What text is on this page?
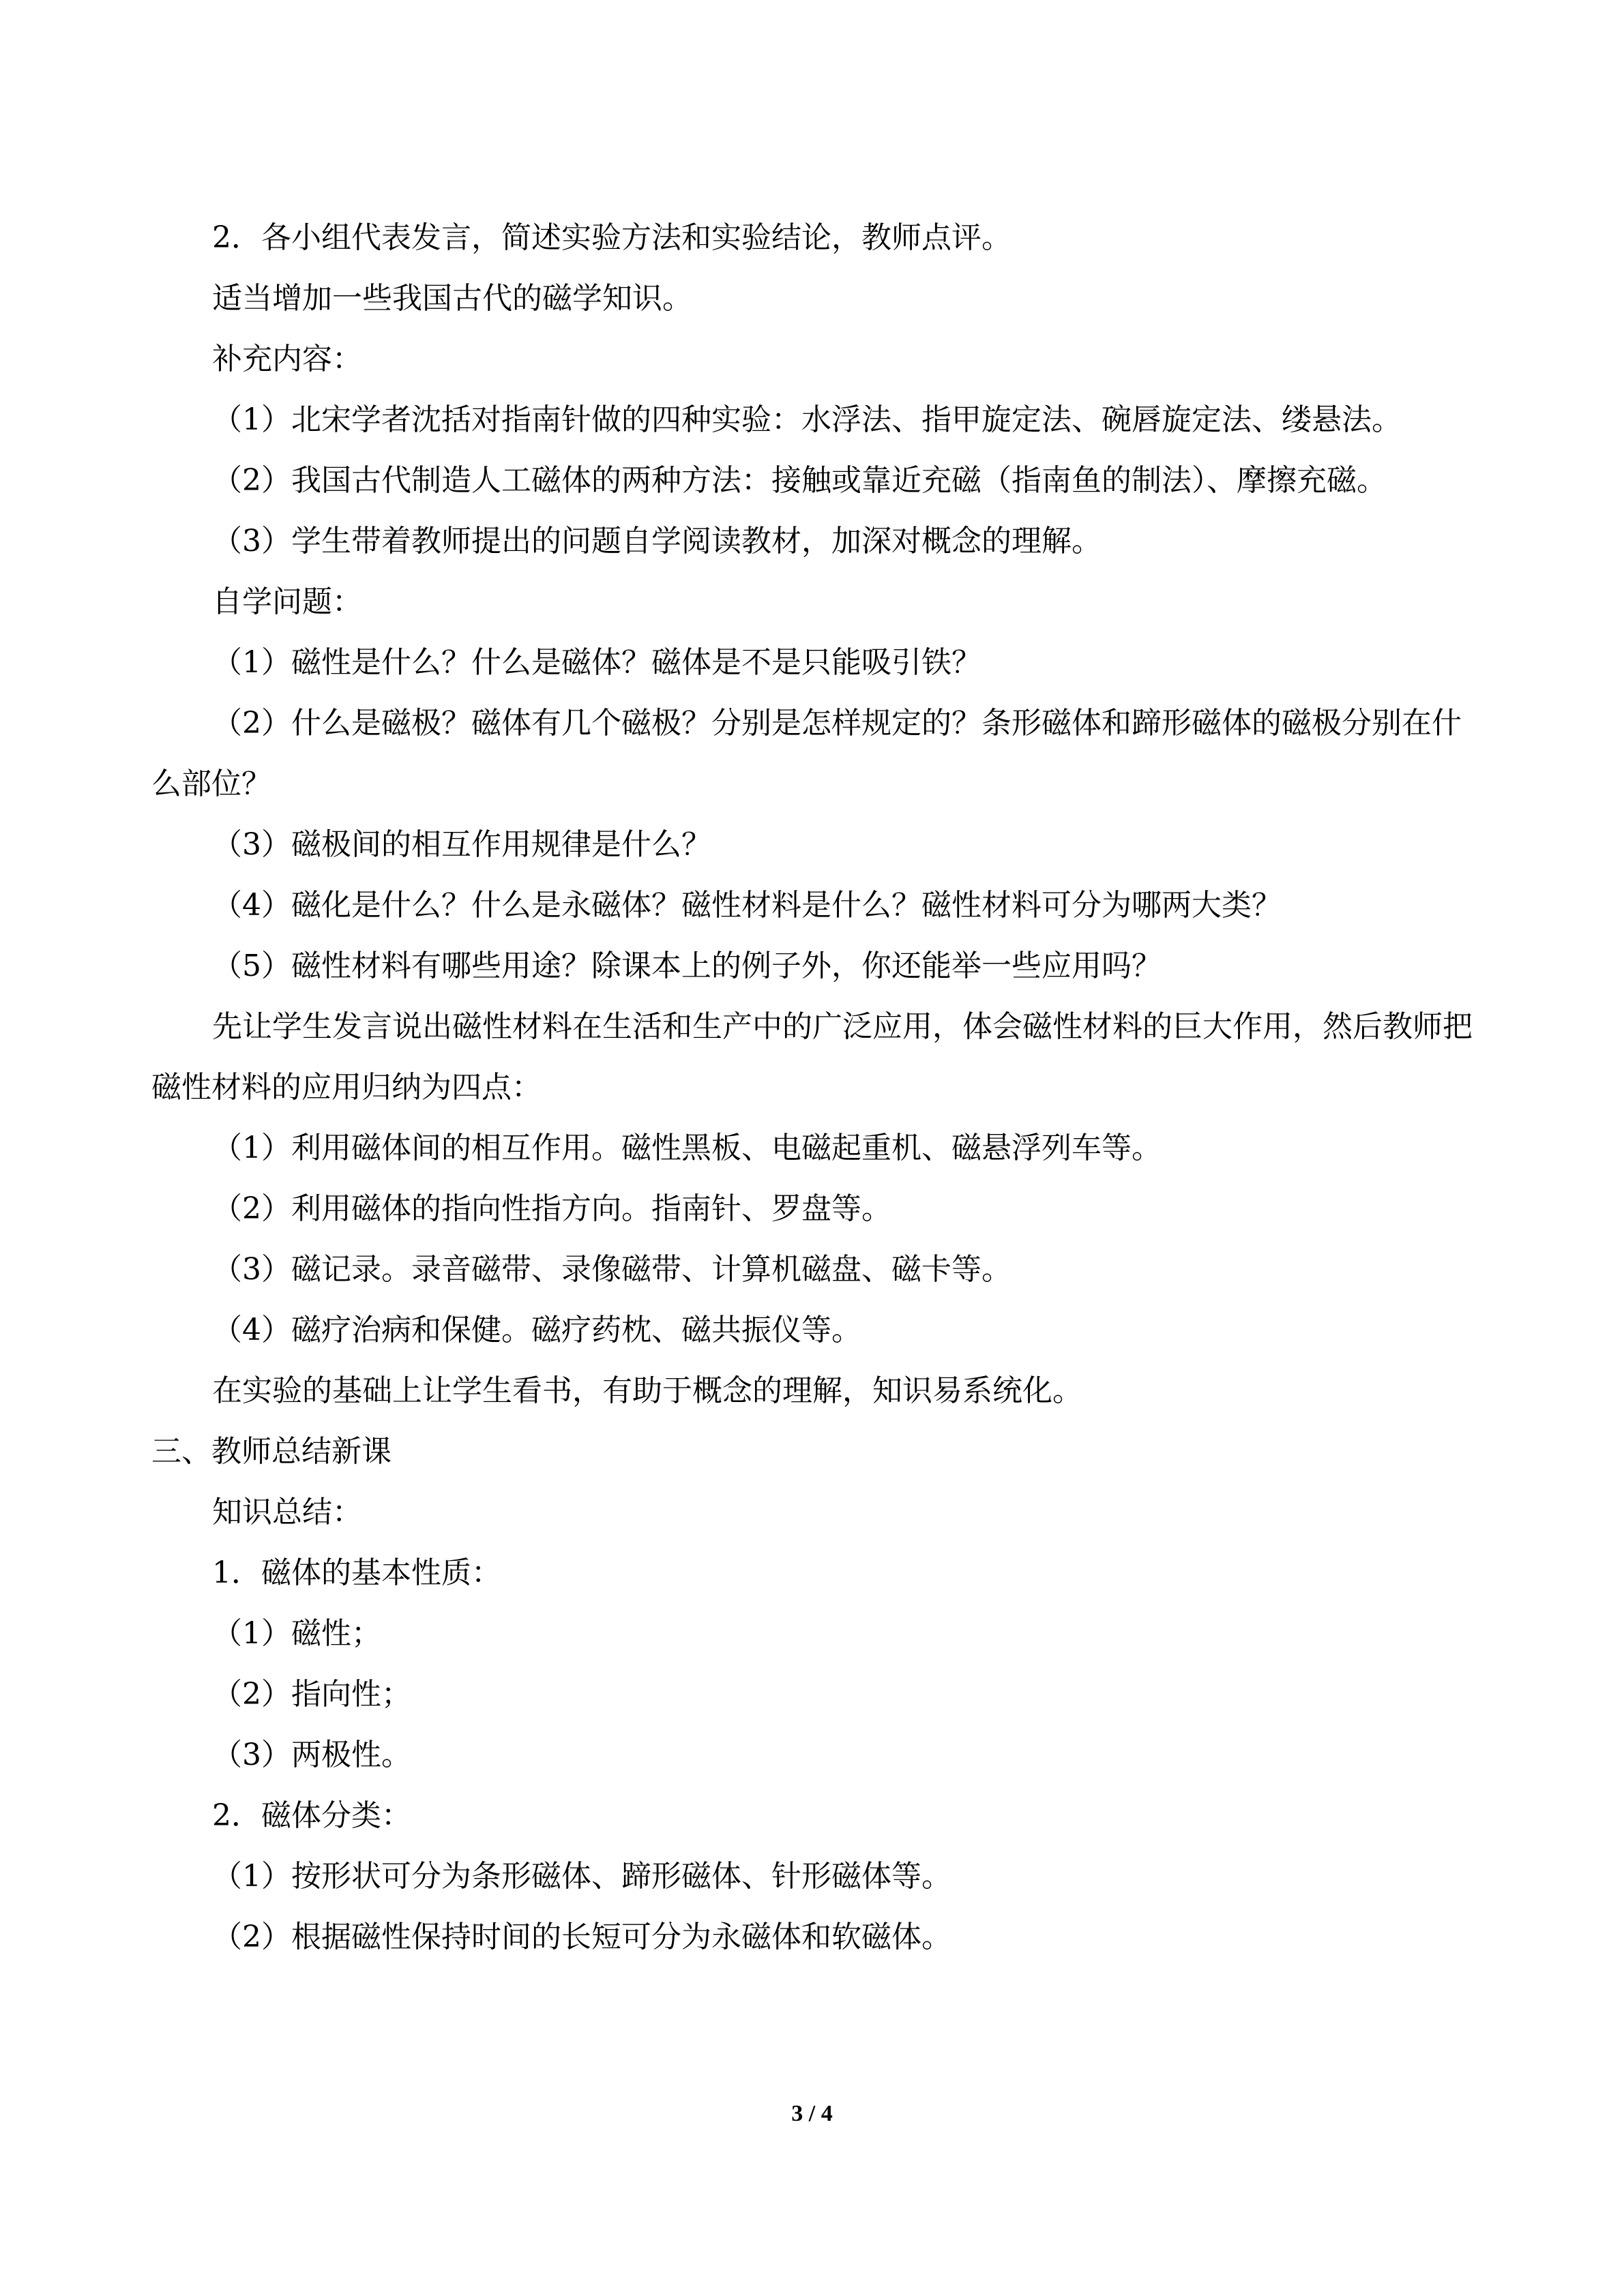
2．各小组代表发言，简述实验方法和实验结论，教师点评。

适当增加一些我国古代的磁学知识。

补充内容：

（1）北宋学者沈括对指南针做的四种实验：水浮法、指甲旋定法、碗唇旋定法、缕悬法。

（2）我国古代制造人工磁体的两种方法：接触或靠近充磁（指南鱼的制法）、摩擦充磁。

（3）学生带着教师提出的问题自学阅读教材，加深对概念的理解。

自学问题：

（1）磁性是什么？什么是磁体？磁体是不是只能吸引铁？

（2）什么是磁极？磁体有几个磁极？分别是怎样规定的？条形磁体和蹄形磁体的磁极分别在什么部位？

（3）磁极间的相互作用规律是什么？

（4）磁化是什么？什么是永磁体？磁性材料是什么？磁性材料可分为哪两大类？

（5）磁性材料有哪些用途？除课本上的例子外，你还能举一些应用吗？

先让学生发言说出磁性材料在生活和生产中的广泛应用，体会磁性材料的巨大作用，然后教师把磁性材料的应用归纳为四点：

（1）利用磁体间的相互作用。磁性黑板、电磁起重机、磁悬浮列车等。

（2）利用磁体的指向性指方向。指南针、罗盘等。

（3）磁记录。录音磁带、录像磁带、计算机磁盘、磁卡等。

（4）磁疗治病和保健。磁疗药枕、磁共振仪等。

在实验的基础上让学生看书，有助于概念的理解，知识易系统化。

三、教师总结新课

知识总结：

1．磁体的基本性质：

（1）磁性；

（2）指向性；

（3）两极性。

2．磁体分类：

（1）按形状可分为条形磁体、蹄形磁体、针形磁体等。

（2）根据磁性保持时间的长短可分为永磁体和软磁体。

3 / 4
